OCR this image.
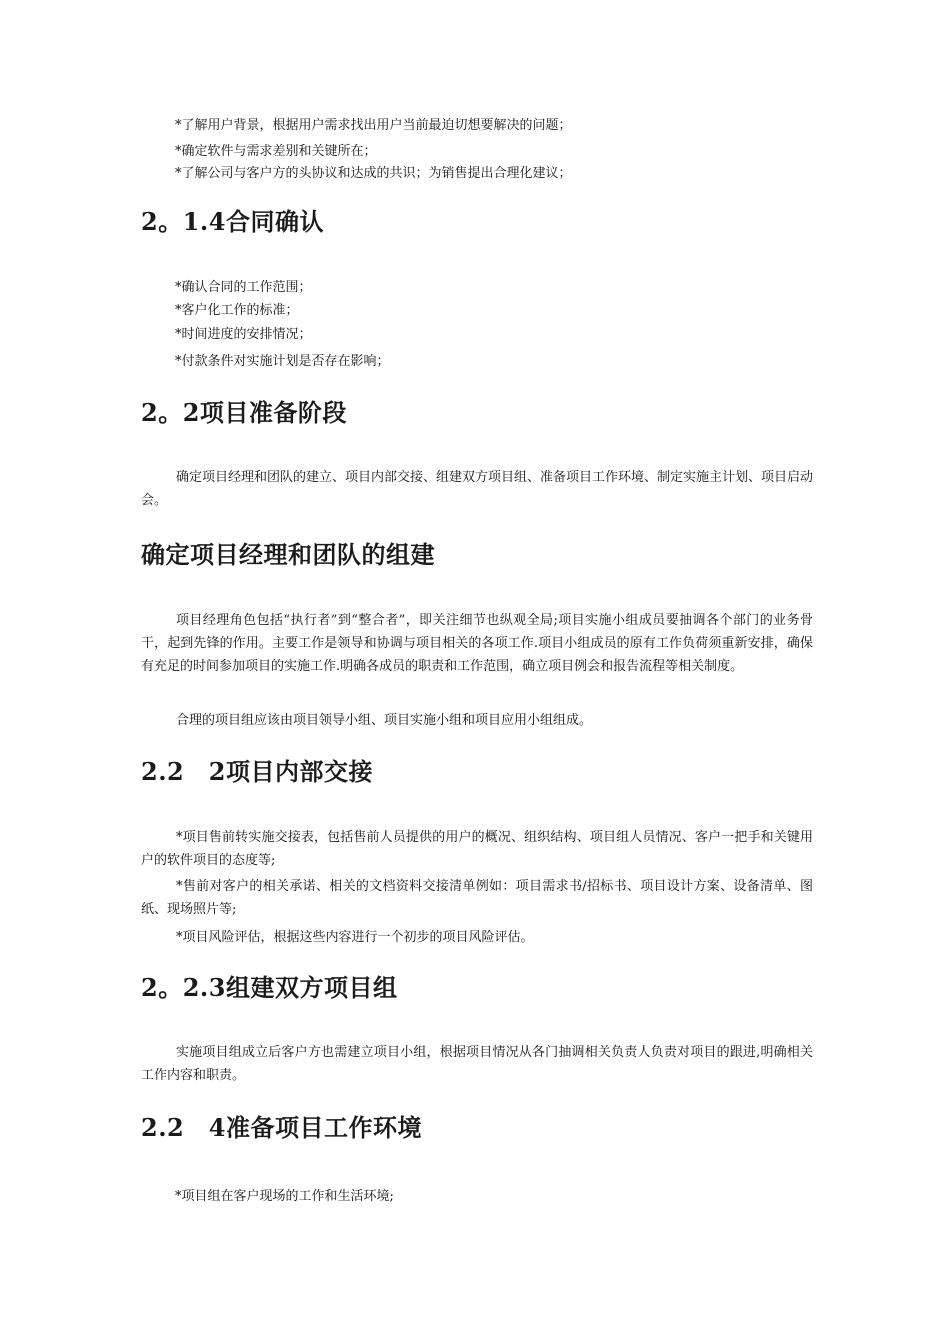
*了解用户背景，根据用户需求找出用户当前最迫切想要解决的问题；

*确定软件与需求差别和关键所在；

*了解公司与客户方的头协议和达成的共识；为销售提出合理化建议；

2。1.4合同确认

*确认合同的工作范围；

*客户化工作的标准；

*时间进度的安排情况；

*付款条件对实施计划是否存在影响；

2。2项目准备阶段

确定项目经理和团队的建立、项目内部交接、组建双方项目组、准备项目工作环境、制定实施主计划、项目启动会。

确定项目经理和团队的组建

项目经理角色包括“执行者”到“整合者”，即关注细节也纵观全局;项目实施小组成员要抽调各个部门的业务骨干，起到先锋的作用。主要工作是领导和协调与项目相关的各项工作.项目小组成员的原有工作负荷须重新安排，确保有充足的时间参加项目的实施工作.明确各成员的职责和工作范围，确立项目例会和报告流程等相关制度。

合理的项目组应该由项目领导小组、项目实施小组和项目应用小组组成。

2.2　2项目内部交接

*项目售前转实施交接表，包括售前人员提供的用户的概况、组织结构、项目组人员情况、客户一把手和关键用户的软件项目的态度等;

*售前对客户的相关承诺、相关的文档资料交接清单例如：项目需求书/招标书、项目设计方案、设备清单、图纸、现场照片等;

*项目风险评估，根据这些内容进行一个初步的项目风险评估。

2。2.3组建双方项目组

实施项目组成立后客户方也需建立项目小组，根据项目情况从各门抽调相关负责人负责对项目的跟进,明确相关工作内容和职责。

2.2　4准备项目工作环境

*项目组在客户现场的工作和生活环境;
